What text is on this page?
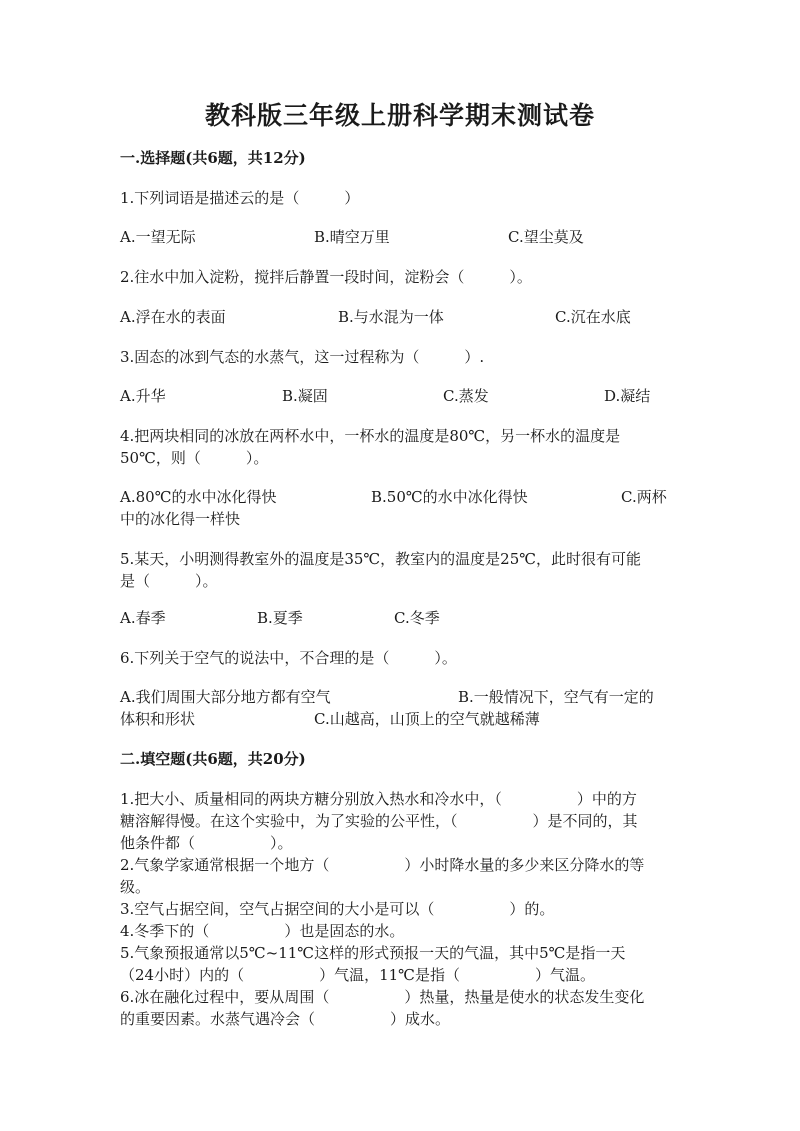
教科版三年级上册科学期末测试卷
一.选择题(共6题，共12分)
1.下列词语是描述云的是（　　　）
A.一望无际	B.晴空万里	C.望尘莫及
2.往水中加入淀粉，搅拌后静置一段时间，淀粉会（　　　）。
A.浮在水的表面	B.与水混为一体	C.沉在水底
3.固态的冰到气态的水蒸气，这一过程称为（　　　）.
A.升华	B.凝固	C.蒸发	D.凝结
4.把两块相同的冰放在两杯水中，一杯水的温度是80℃，另一杯水的温度是
50℃，则（　　　）。
A.80℃的水中冰化得快	B.50℃的水中冰化得快	C.两杯
中的冰化得一样快
5.某天，小明测得教室外的温度是35℃，教室内的温度是25℃，此时很有可能
是（　　　）。
A.春季	B.夏季	C.冬季
6.下列关于空气的说法中，不合理的是（　　　）。
A.我们周围大部分地方都有空气	B.一般情况下，空气有一定的
体积和形状	C.山越高，山顶上的空气就越稀薄
二.填空题(共6题，共20分)
1.把大小、质量相同的两块方糖分别放入热水和冷水中，（　　　　　）中的方
糖溶解得慢。在这个实验中，为了实验的公平性，（　　　　　）是不同的，其
他条件都（　　　　　）。
2.气象学家通常根据一个地方（　　　　　）小时降水量的多少来区分降水的等
级。
3.空气占据空间，空气占据空间的大小是可以（　　　　　）的。
4.冬季下的（　　　　　）也是固态的水。
5.气象预报通常以5℃~11℃这样的形式预报一天的气温，其中5℃是指一天
（24小时）内的（　　　　　）气温，11℃是指（　　　　　）气温。
6.冰在融化过程中，要从周围（　　　　　）热量，热量是使水的状态发生变化
的重要因素。水蒸气遇冷会（　　　　　）成水。
